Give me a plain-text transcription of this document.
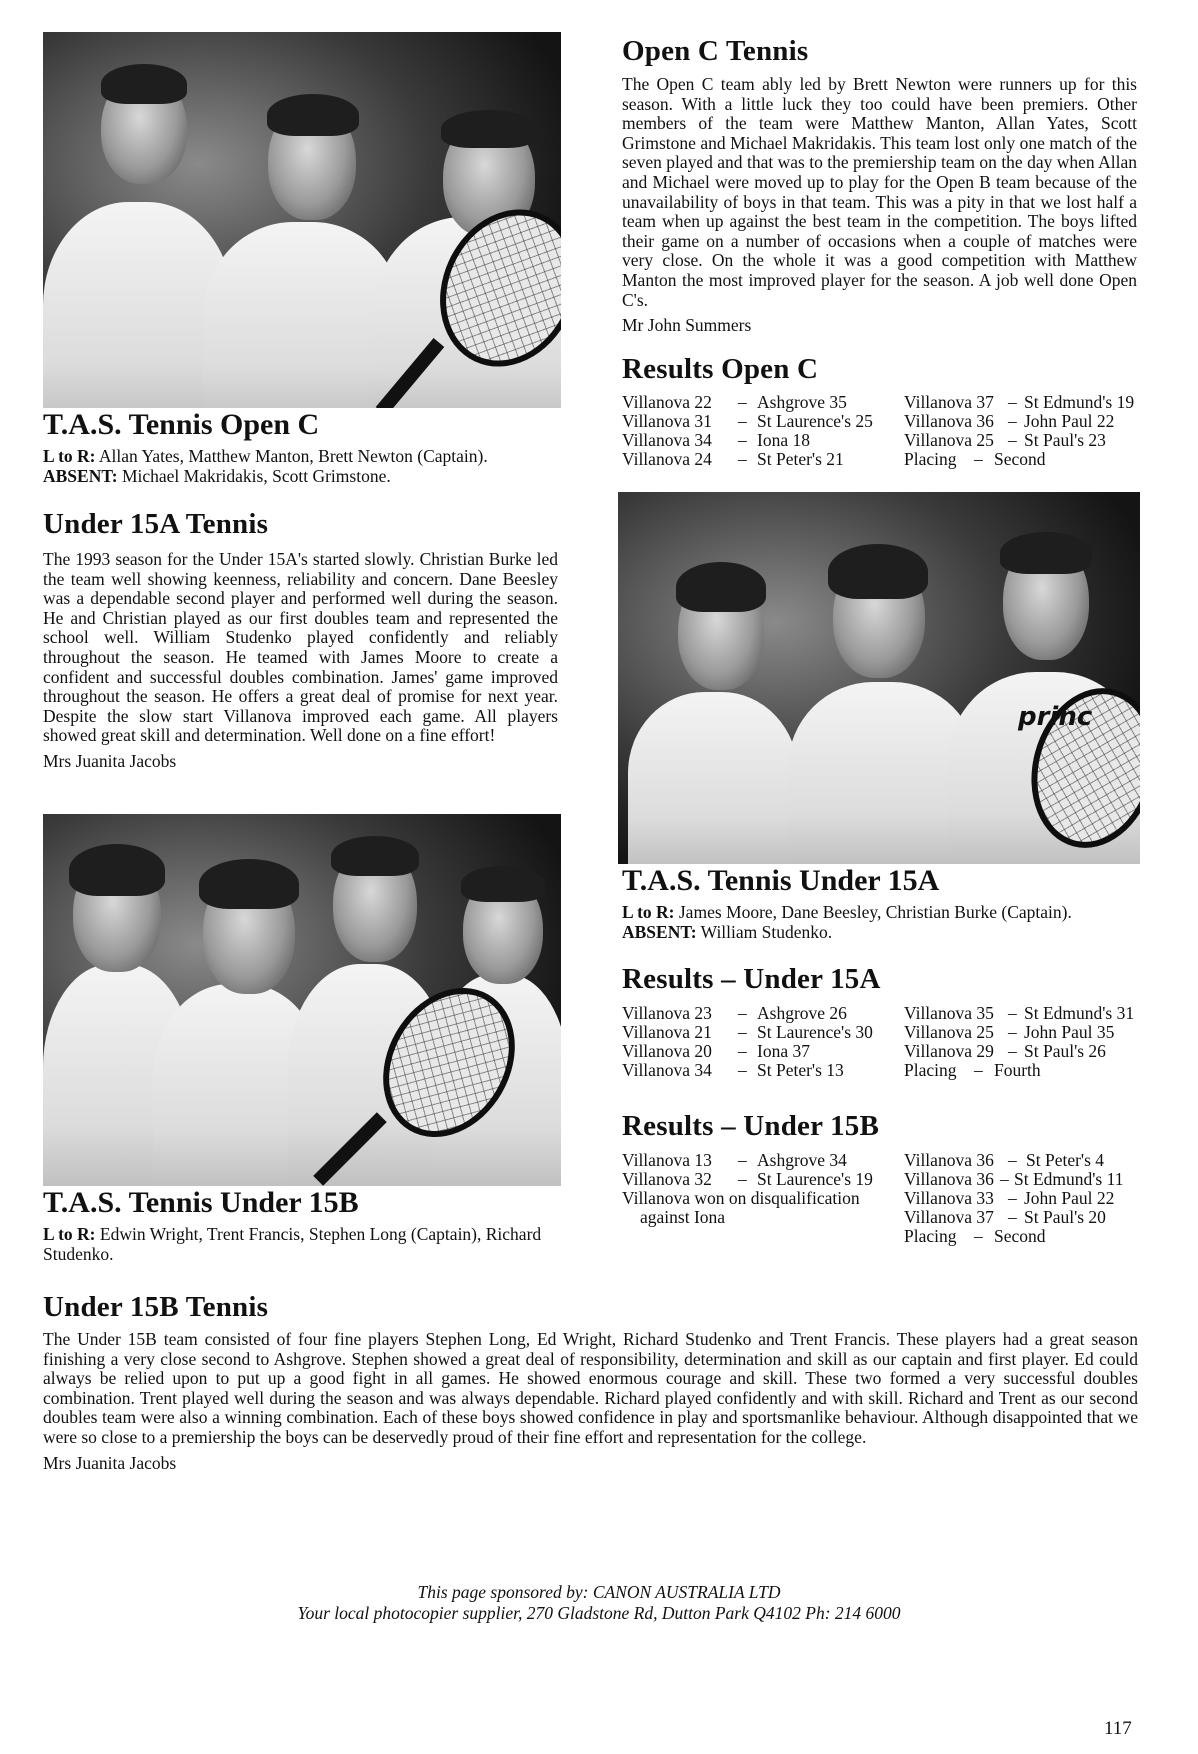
T.A.S. Tennis Open C
L to R: Allan Yates, Matthew Manton, Brett Newton (Captain).
ABSENT: Michael Makridakis, Scott Grimstone.
Open C Tennis

The Open C team ably led by Brett Newton were runners up for this season. With a little luck they too could have been premiers. Other members of the team were Matthew Manton, Allan Yates, Scott Grimstone and Michael Makridakis. This team lost only one match of the seven played and that was to the premiership team on the day when Allan and Michael were moved up to play for the Open B team because of the unavailability of boys in that team. This was a pity in that we lost half a team when up against the best team in the competition. The boys lifted their game on a number of occasions when a couple of matches were very close. On the whole it was a good competition with Matthew Manton the most improved player for the season. A job well done Open C's.

Mr John Summers
Results Open C
Villanova 22 – Ashgrove 35
Villanova 31 – St Laurence's 25
Villanova 34 – Iona 18
Villanova 24 – St Peter's 21
Villanova 37 – St Edmund's 19
Villanova 36 – John Paul 22
Villanova 25 – St Paul's 23
Placing – Second
Under 15A Tennis

The 1993 season for the Under 15A's started slowly. Christian Burke led the team well showing keenness, reliability and concern. Dane Beesley was a dependable second player and performed well during the season. He and Christian played as our first doubles team and represented the school well. William Studenko played confidently and reliably throughout the season. He teamed with James Moore to create a confident and successful doubles combination. James' game improved throughout the season. He offers a great deal of promise for next year. Despite the slow start Villanova improved each game. All players showed great skill and determination. Well done on a fine effort!

Mrs Juanita Jacobs
princ
T.A.S. Tennis Under 15A
L to R: James Moore, Dane Beesley, Christian Burke (Captain).
ABSENT: William Studenko.
Results – Under 15A
Villanova 23 – Ashgrove 26
Villanova 21 – St Laurence's 30
Villanova 20 – Iona 37
Villanova 34 – St Peter's 13
Villanova 35 – St Edmund's 31
Villanova 25 – John Paul 35
Villanova 29 – St Paul's 26
Placing – Fourth
Results – Under 15B
Villanova 13 – Ashgrove 34
Villanova 32 – St Laurence's 19
Villanova won on disqualification
against Iona
Villanova 36 – St Peter's 4
Villanova 36 – St Edmund's 11
Villanova 33 – John Paul 22
Villanova 37 – St Paul's 20
Placing – Second
T.A.S. Tennis Under 15B
L to R: Edwin Wright, Trent Francis, Stephen Long (Captain), Richard Studenko.
Under 15B Tennis

The Under 15B team consisted of four fine players Stephen Long, Ed Wright, Richard Studenko and Trent Francis. These players had a great season finishing a very close second to Ashgrove. Stephen showed a great deal of responsibility, determination and skill as our captain and first player. Ed could always be relied upon to put up a good fight in all games. He showed enormous courage and skill. These two formed a very successful doubles combination. Trent played well during the season and was always dependable. Richard played confidently and with skill. Richard and Trent as our second doubles team were also a winning combination. Each of these boys showed confidence in play and sportsmanlike behaviour. Although disappointed that we were so close to a premiership the boys can be deservedly proud of their fine effort and representation for the college.

Mrs Juanita Jacobs
This page sponsored by: CANON AUSTRALIA LTD
Your local photocopier supplier, 270 Gladstone Rd, Dutton Park Q4102 Ph: 214 6000
117
